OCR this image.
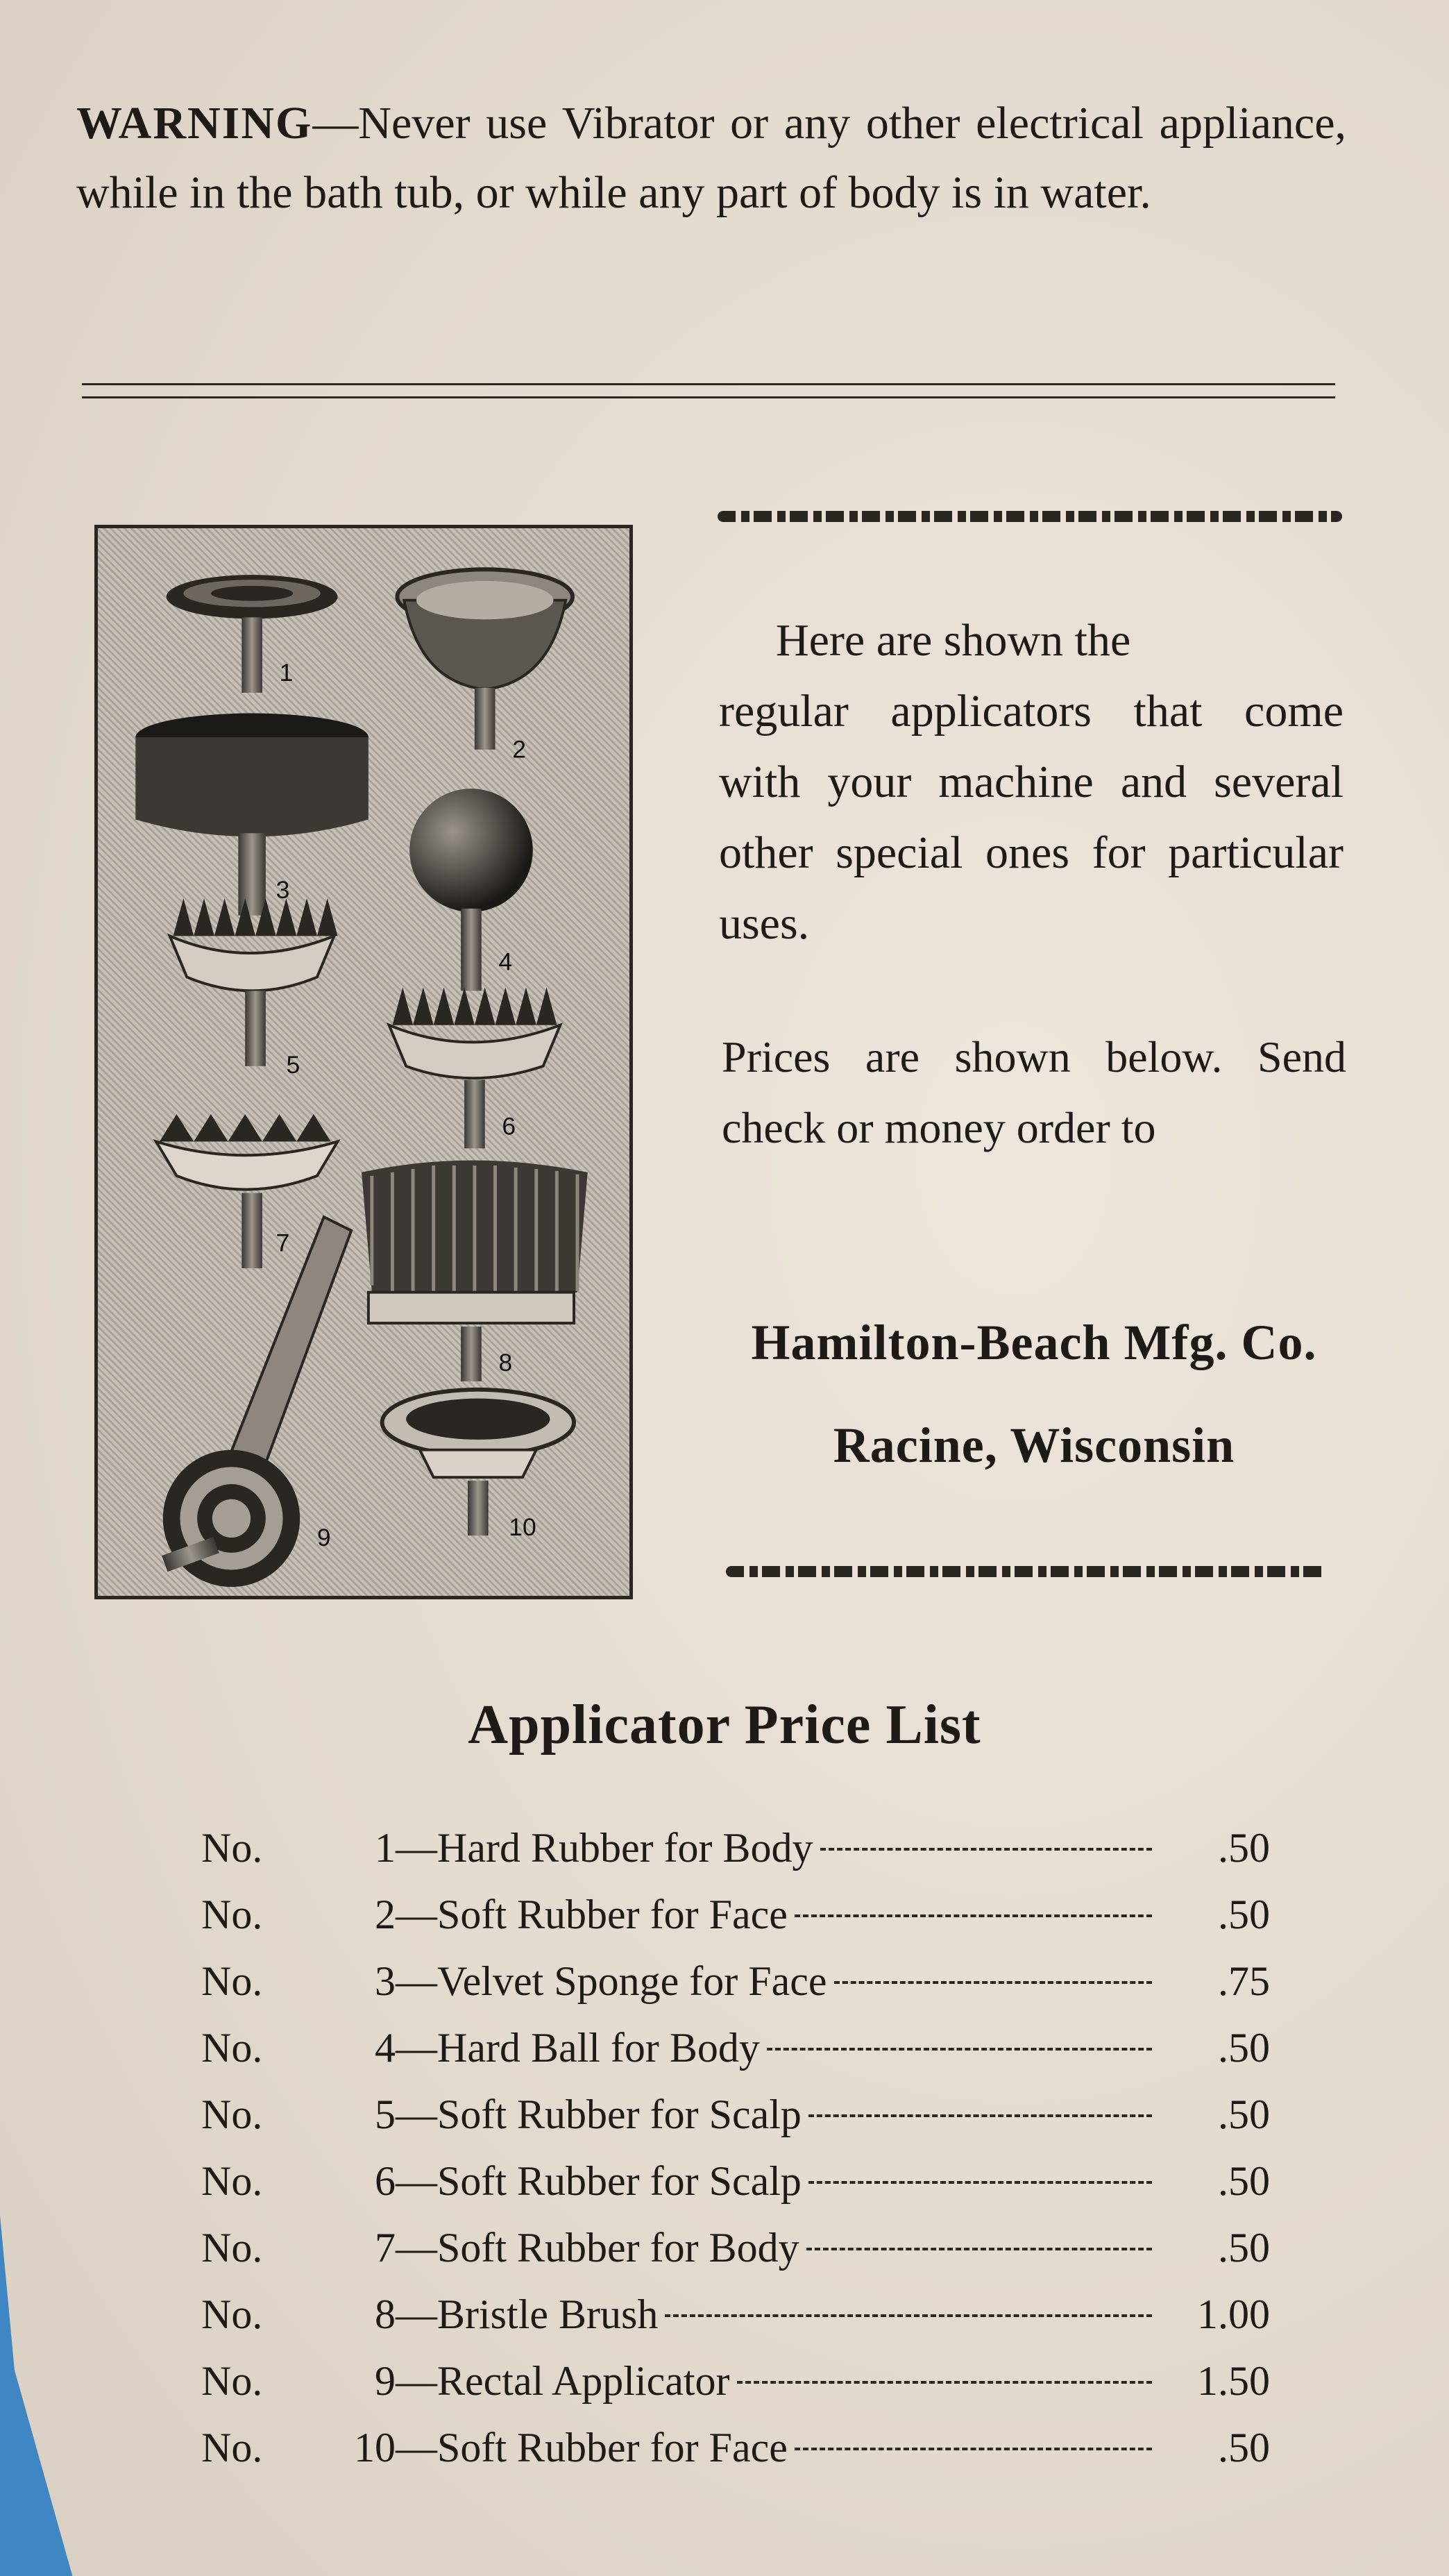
WARNING—Never use Vibrator or any other electrical appliance, while in the bath tub, or while any part of body is in water.
1
2
3
4
5
6
7
8
9	10
Here are shown the
regular applicators that come with your machine and several other special ones for particular uses.
Prices are shown below. Send check or money order to
Hamilton-Beach Mfg. Co.
Racine, Wisconsin
Applicator Price List
No.	1 —Hard Rubber for Body	.50
No.	2 —Soft Rubber for Face	.50
No.	3 —Velvet Sponge for Face	.75
No.	4 —Hard Ball for Body	.50
No.	5 —Soft Rubber for Scalp	.50
No.	6 —Soft Rubber for Scalp	.50
No.	7 —Soft Rubber for Body	.50
No.	8 —Bristle Brush	1.00
No.	9 —Rectal Applicator	1.50
No.	10 —Soft Rubber for Face	.50
